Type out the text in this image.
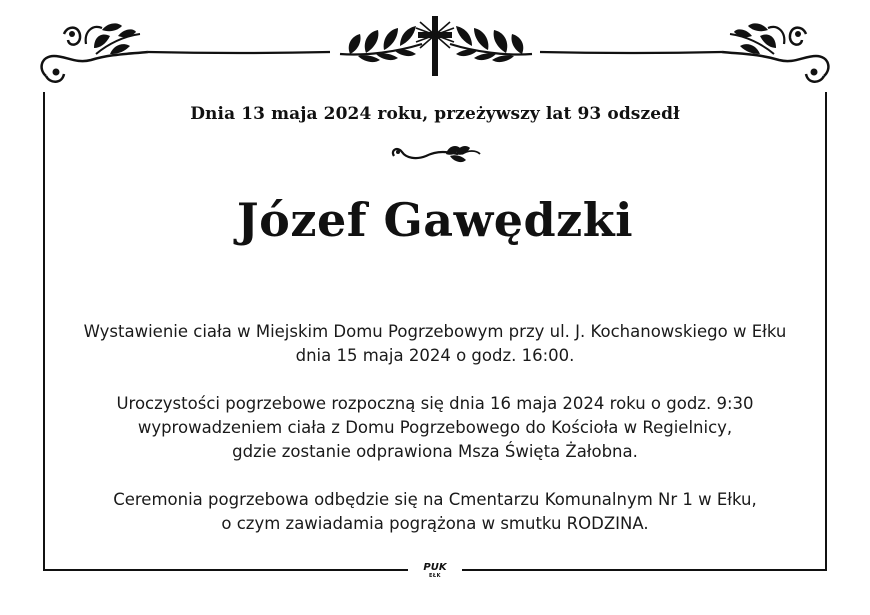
Dnia 13 maja 2024 roku, przeżywszy lat 93 odszedł
Józef Gawędzki
Wystawienie ciała w Miejskim Domu Pogrzebowym przy ul. J. Kochanowskiego w Ełku
dnia 15 maja 2024 o godz. 16:00.
Uroczystości pogrzebowe rozpoczną się dnia 16 maja 2024 roku o godz. 9:30
wyprowadzeniem ciała z Domu Pogrzebowego do Kościoła w Regielnicy,
gdzie zostanie odprawiona Msza Święta Żałobna.
Ceremonia pogrzebowa odbędzie się na Cmentarzu Komunalnym Nr 1 w Ełku,
o czym zawiadamia pogrążona w smutku RODZINA.
PUK
EŁK
